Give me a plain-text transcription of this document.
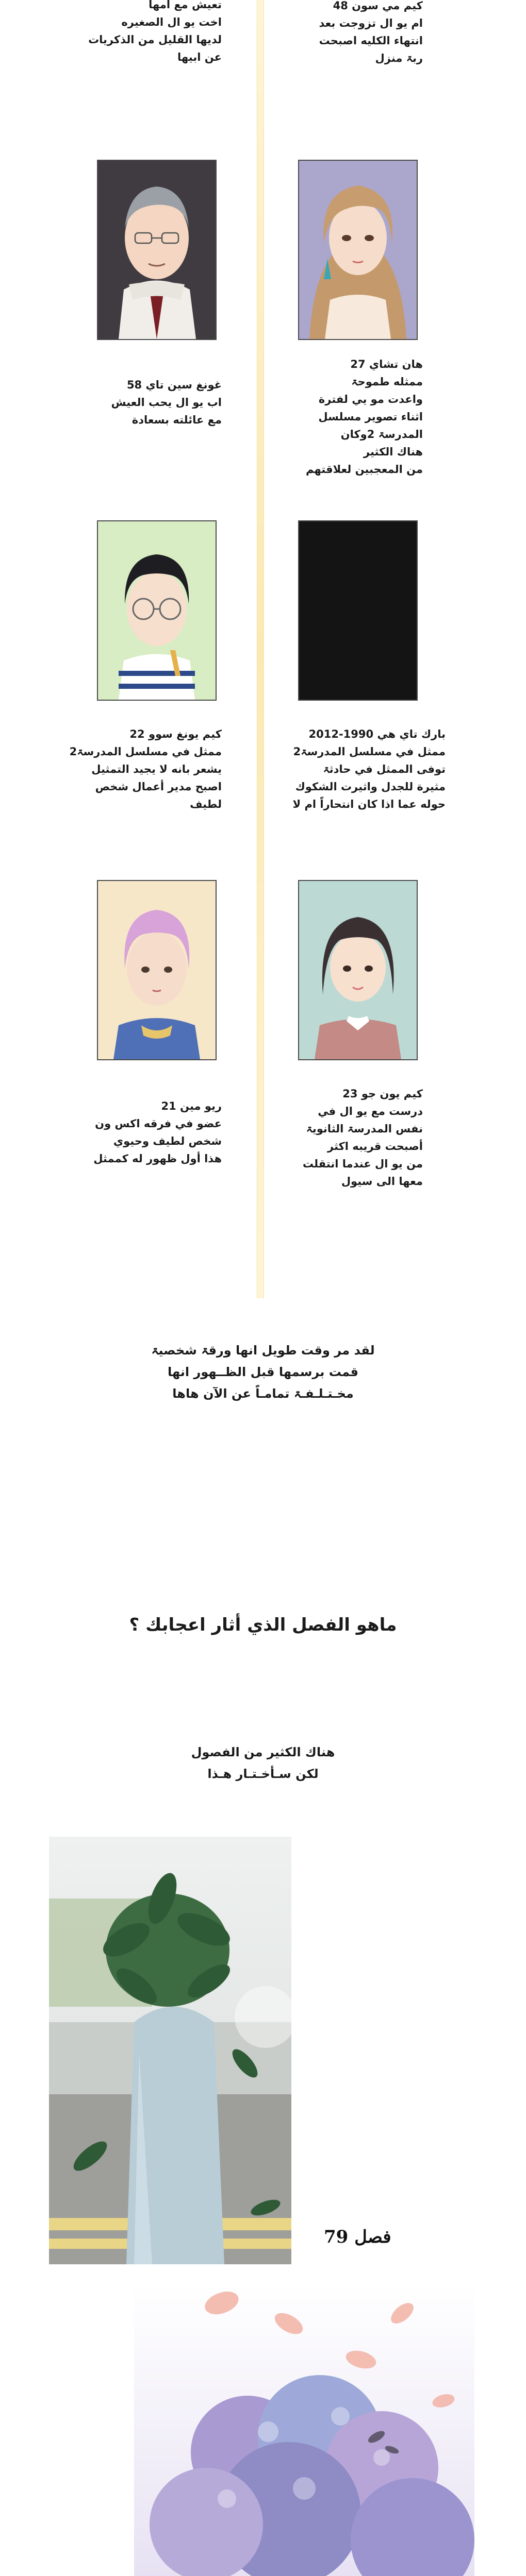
تعيش مع امها
اخت يو ال الصغيره
لديها القليل من الذكريات
عن ابيها
كيم مي سون 48
ام يو ال تزوجت بعد
انتهاء الكليه اصبحت
ربۃ منزل
غونغ سين تاي 58
اب يو ال يحب العيش
مع عائلته بسعادة
هان تشاي 27
ممثله طموحۃ
واعدت مو يي لفترة
اثناء تصوير مسلسل
المدرسۃ 2وكان
هناك الكثير
من المعجبين لعلاقتهم
كيم يونغ سوو 22
ممثل في مسلسل المدرسۃ2
يشعر بانه لا يجيد التمثيل
اصبح مدير أعمال شخص
لطيف
بارك تاي هي 1990-2012
ممثل في مسلسل المدرسۃ2
توفى الممثل في حادثۃ
مثيرة للجدل واثيرت الشكوك
حوله عما اذا كان انتحاراً ام لا
ريو مين 21
عضو في فرقه اكس ون
شخص لطيف وحيوي
هذا أول ظهور له كممثل
كيم يون جو 23
درست مع يو ال في
نفس المدرسۃ الثانويۃ
أصبحت قريبه اكثر
من يو ال عندما انتقلت
معها الى سيول
لقد مر وقت طويل انها ورقۃ شخصيۃ
قمت برسمها قبل الظــهور انها
مخـتـلـفـۃ تمامـاً عن الآن هاها
ماهو الفصل الذي أثار اعجابك ؟
هناك الكثير من الفصول
لكن سـأخـتـار هـذا
فصل 79
